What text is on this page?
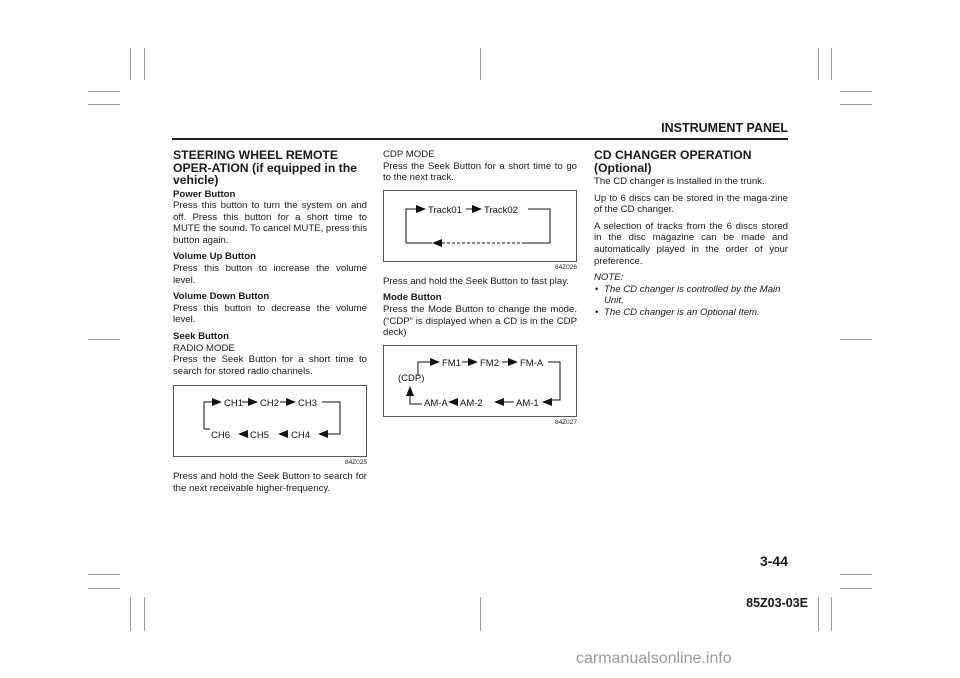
INSTRUMENT PANEL
STEERING WHEEL REMOTE OPER-ATION (if equipped in the vehicle)

Power Button
Press this button to turn the system on and off. Press this button for a short time to MUTE the sound. To cancel MUTE, press this button again.

Volume Up Button
Press this button to increase the volume level.

Volume Down Button
Press this button to decrease the volume level.

Seek Button
RADIO MODE
Press the Seek Button for a short time to search for stored radio channels.

CH1 CH2 CH3
CH6 CH5 CH4
84Z025

Press and hold the Seek Button to search for the next receivable higher-frequency.

CDP MODE
Press the Seek Button for a short time to go to the next track.

Track01 Track02
84Z026

Press and hold the Seek Button to fast play.

Mode Button
Press the Mode Button to change the mode. (“CDP” is displayed when a CD is in the CDP deck)

FM1 FM2 FM-A
(CDP)
AM-A AM-2	AM-1
84Z027
CD CHANGER OPERATION (Optional)

The CD changer is installed in the trunk.

Up to 6 discs can be stored in the maga-zine of the CD changer.

A selection of tracks from the 6 discs stored in the disc magazine can be made and automatically played in the order of your preference.

NOTE:
• The CD changer is controlled by the Main Unit.
• The CD changer is an Optional Item.
3-44
85Z03-03E
carmanualsonline.info
